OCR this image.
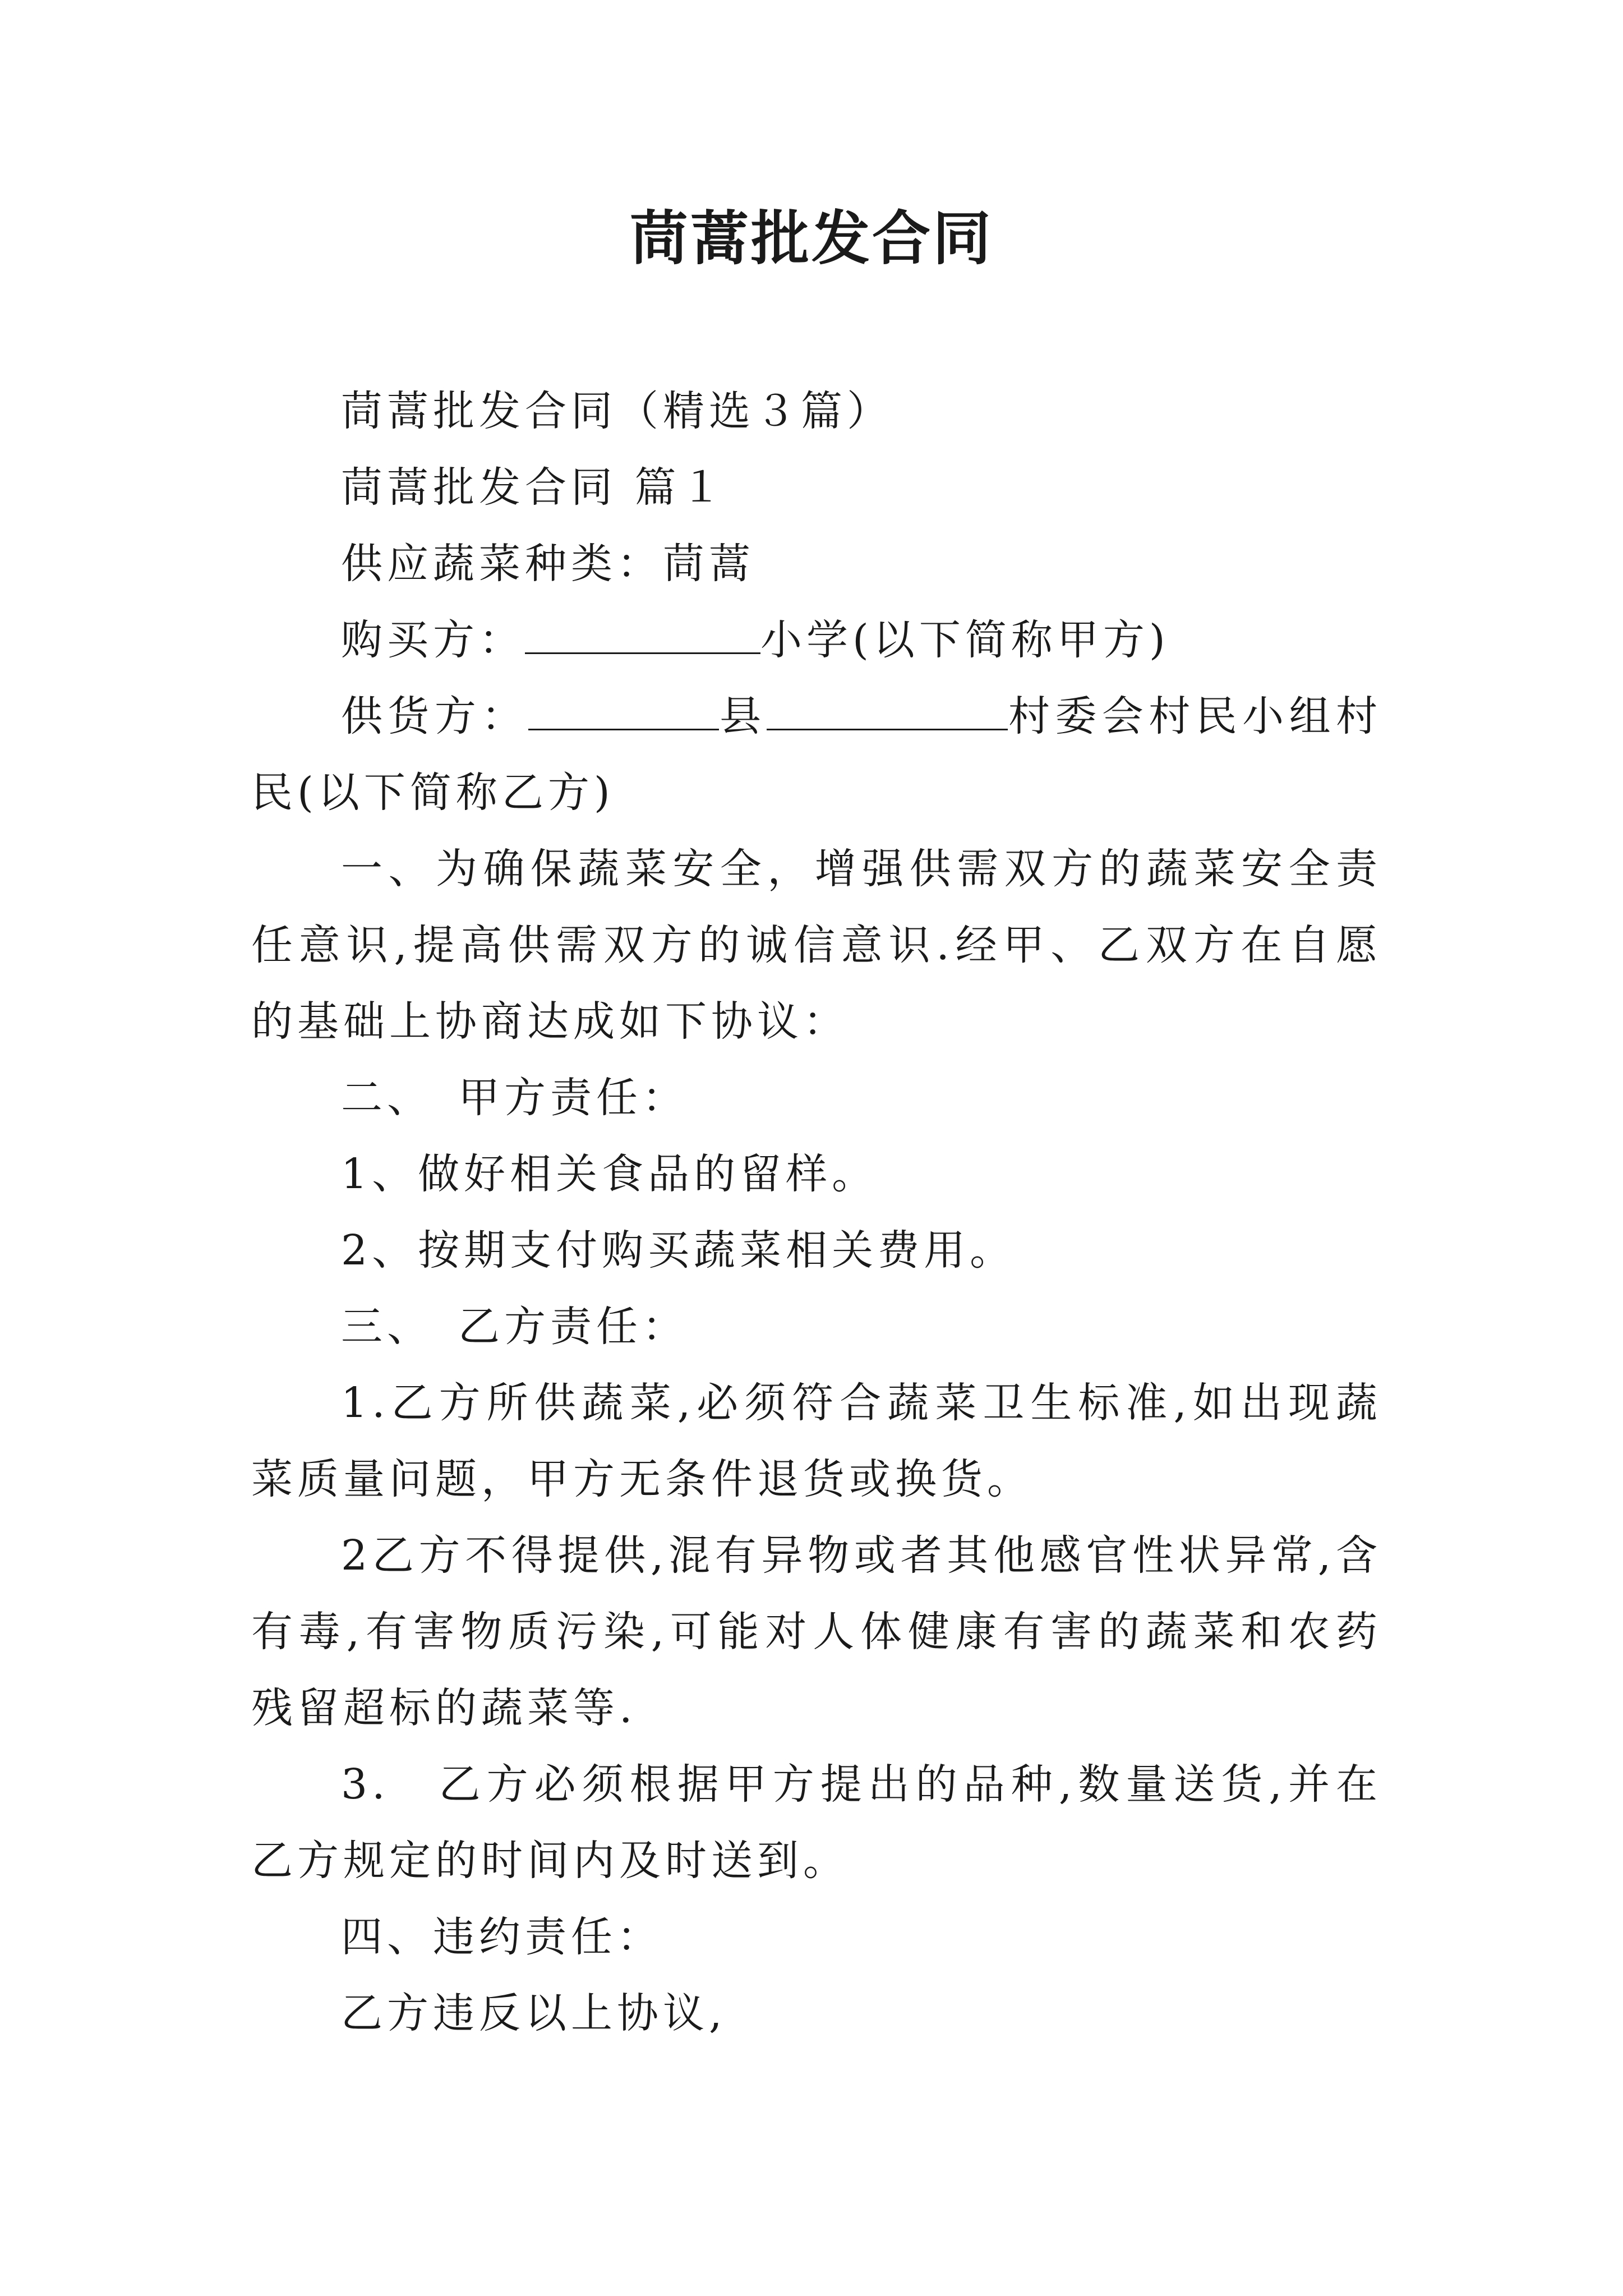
茼蒿批发合同

茼蒿批发合同（精选３篇）

茼蒿批发合同 篇１

供应蔬菜种类：茼蒿

购买方：	小学(以下简称甲方)

供货方：	县	村委会村民小组村民(以下简称乙方)

一、为确保蔬菜安全，增强供需双方的蔬菜安全责任意识,提高供需双方的诚信意识.经甲、乙双方在自愿的基础上协商达成如下协议：

二、　甲方责任：

1、做好相关食品的留样。

2、按期支付购买蔬菜相关费用。

三、　乙方责任：

1.乙方所供蔬菜,必须符合蔬菜卫生标准,如出现蔬菜质量问题，甲方无条件退货或换货。

2乙方不得提供,混有异物或者其他感官性状异常,含有毒,有害物质污染,可能对人体健康有害的蔬菜和农药残留超标的蔬菜等.

3.　乙方必须根据甲方提出的品种,数量送货,并在乙方规定的时间内及时送到。

四、违约责任：

乙方违反以上协议,
